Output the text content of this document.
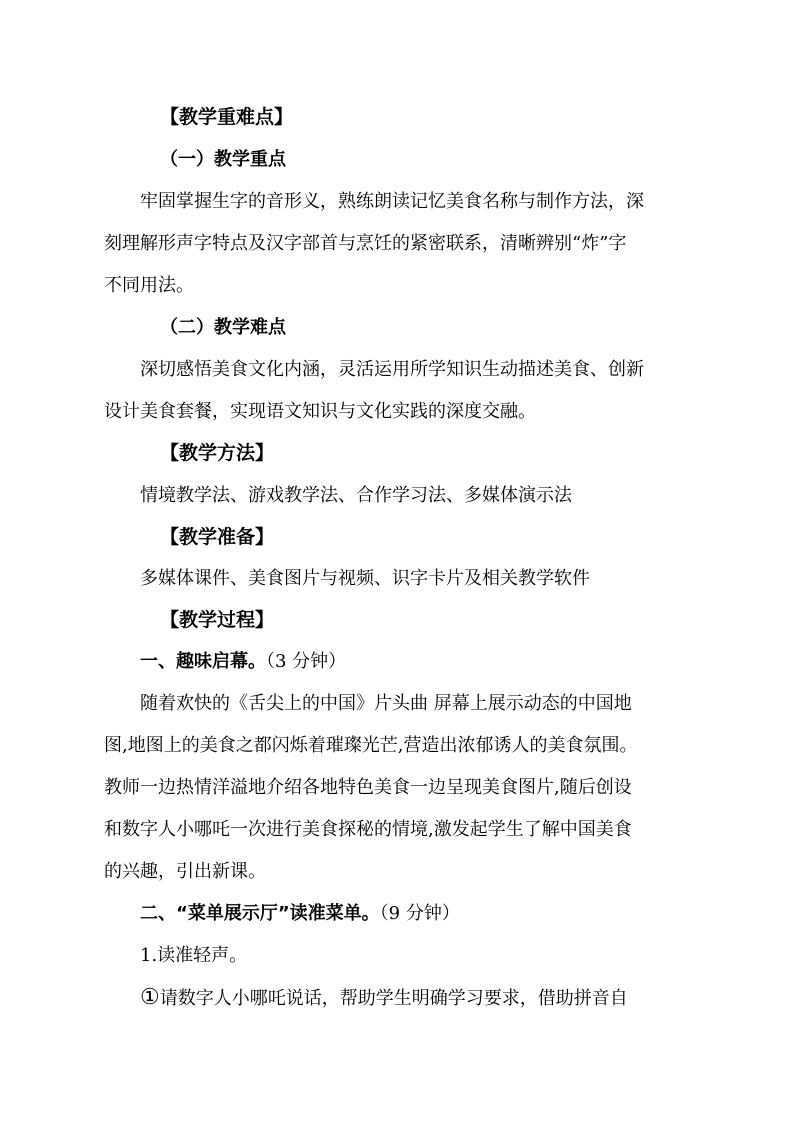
【教学重难点】
（一）教学重点
牢固掌握生字的音形义，熟练朗读记忆美食名称与制作方法，深
刻理解形声字特点及汉字部首与烹饪的紧密联系，清晰辨别“炸”字
不同用法。
（二）教学难点
深切感悟美食文化内涵，灵活运用所学知识生动描述美食、创新
设计美食套餐，实现语文知识与文化实践的深度交融。
【教学方法】
情境教学法、游戏教学法、合作学习法、多媒体演示法
【教学准备】
多媒体课件、美食图片与视频、识字卡片及相关教学软件
【教学过程】
一、趣味启幕。（3 分钟）
随着欢快的《舌尖上的中国》片头曲 屏幕上展示动态的中国地
图,地图上的美食之都闪烁着璀璨光芒,营造出浓郁诱人的美食氛围。
教师一边热情洋溢地介绍各地特色美食一边呈现美食图片,随后创设
和数字人小哪吒一次进行美食探秘的情境,激发起学生了解中国美食
的兴趣，引出新课。
二、“菜单展示厅”读准菜单。（9 分钟）
1.读准轻声。
①请数字人小哪吒说话，帮助学生明确学习要求，借助拼音自
